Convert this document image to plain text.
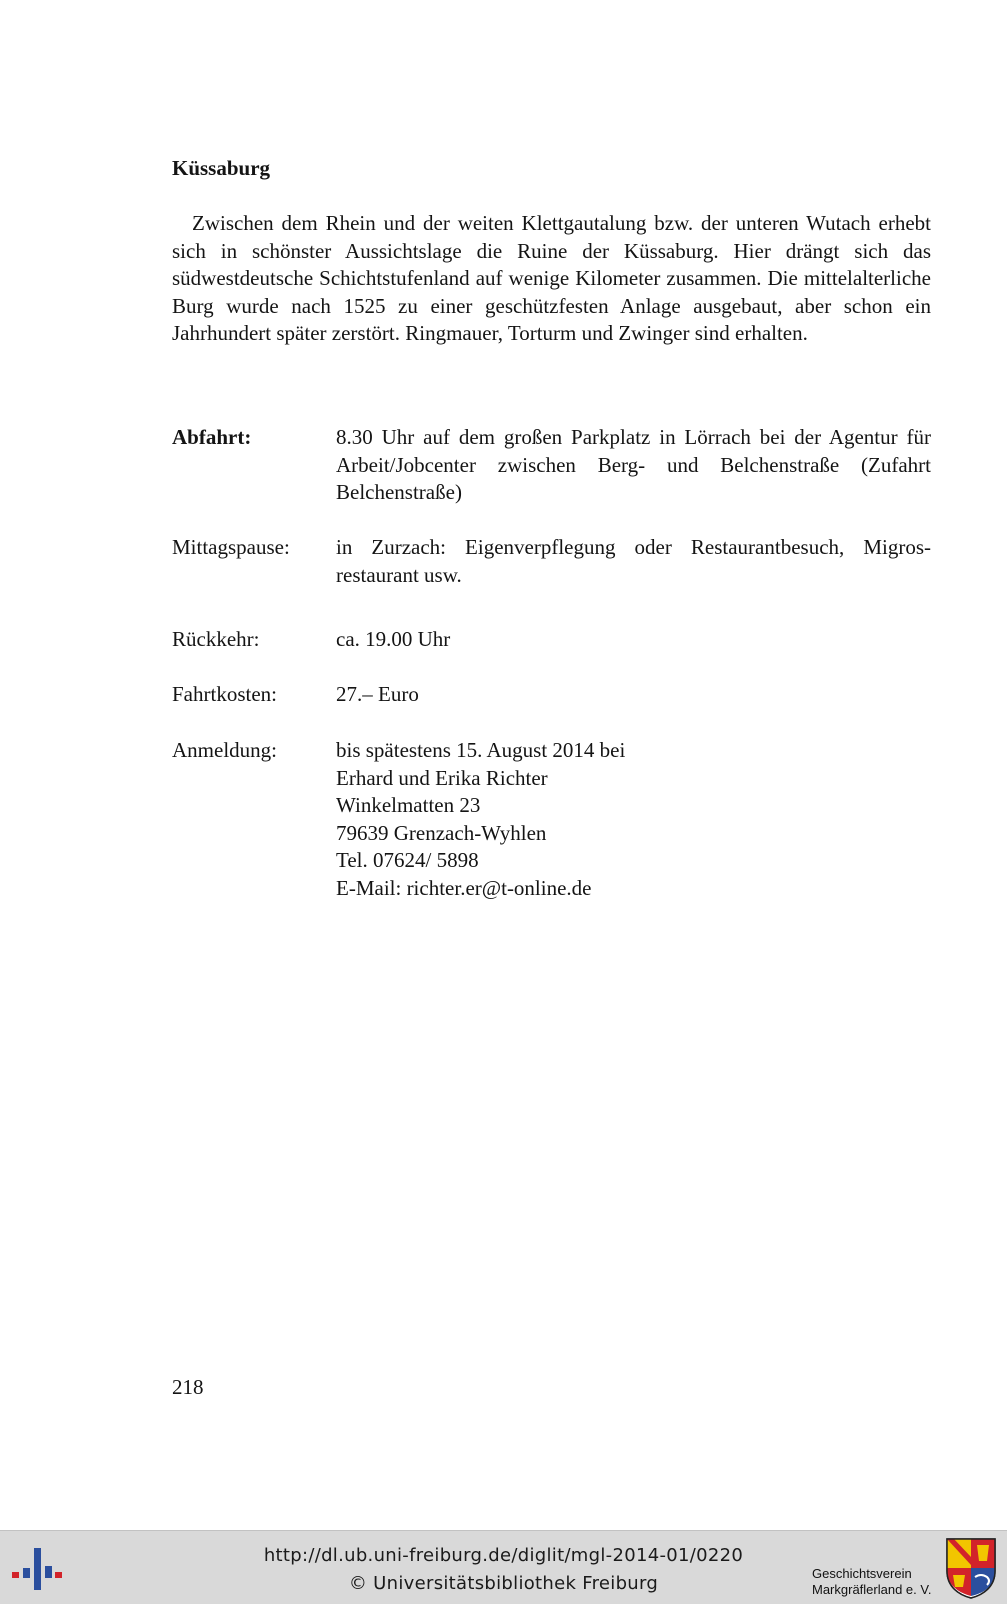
Küssaburg

Zwischen dem Rhein und der weiten Klettgautalung bzw. der unteren Wutach erhebt sich in schönster Aussichtslage die Ruine der Küssaburg. Hier drängt sich das südwestdeutsche Schichtstufenland auf wenige Kilometer zusammen. Die mittelalterliche Burg wurde nach 1525 zu einer geschützfesten Anlage ausgebaut, aber schon ein Jahrhundert später zerstört. Ringmauer, Torturm und Zwinger sind erhalten.

Abfahrt:	8.30 Uhr auf dem großen Parkplatz in Lörrach bei der Agentur für Arbeit/Jobcenter zwischen Berg- und Belchenstraße (Zufahrt Belchenstraße)
Mittagspause:	in Zurzach: Eigenverpflegung oder Restaurantbesuch, Migrosrestaurant usw.
Rückkehr:	ca. 19.00 Uhr
Fahrtkosten:	27.– Euro
Anmeldung:	bis spätestens 15. August 2014 bei
Erhard und Erika Richter
Winkelmatten 23
79639 Grenzach-Wyhlen
Tel. 07624/ 5898
E-Mail: richter.er@t-online.de
218
http://dl.ub.uni-freiburg.de/diglit/mgl-2014-01/0220
© Universitätsbibliothek Freiburg	Geschichtsverein
Markgräflerland e. V.
